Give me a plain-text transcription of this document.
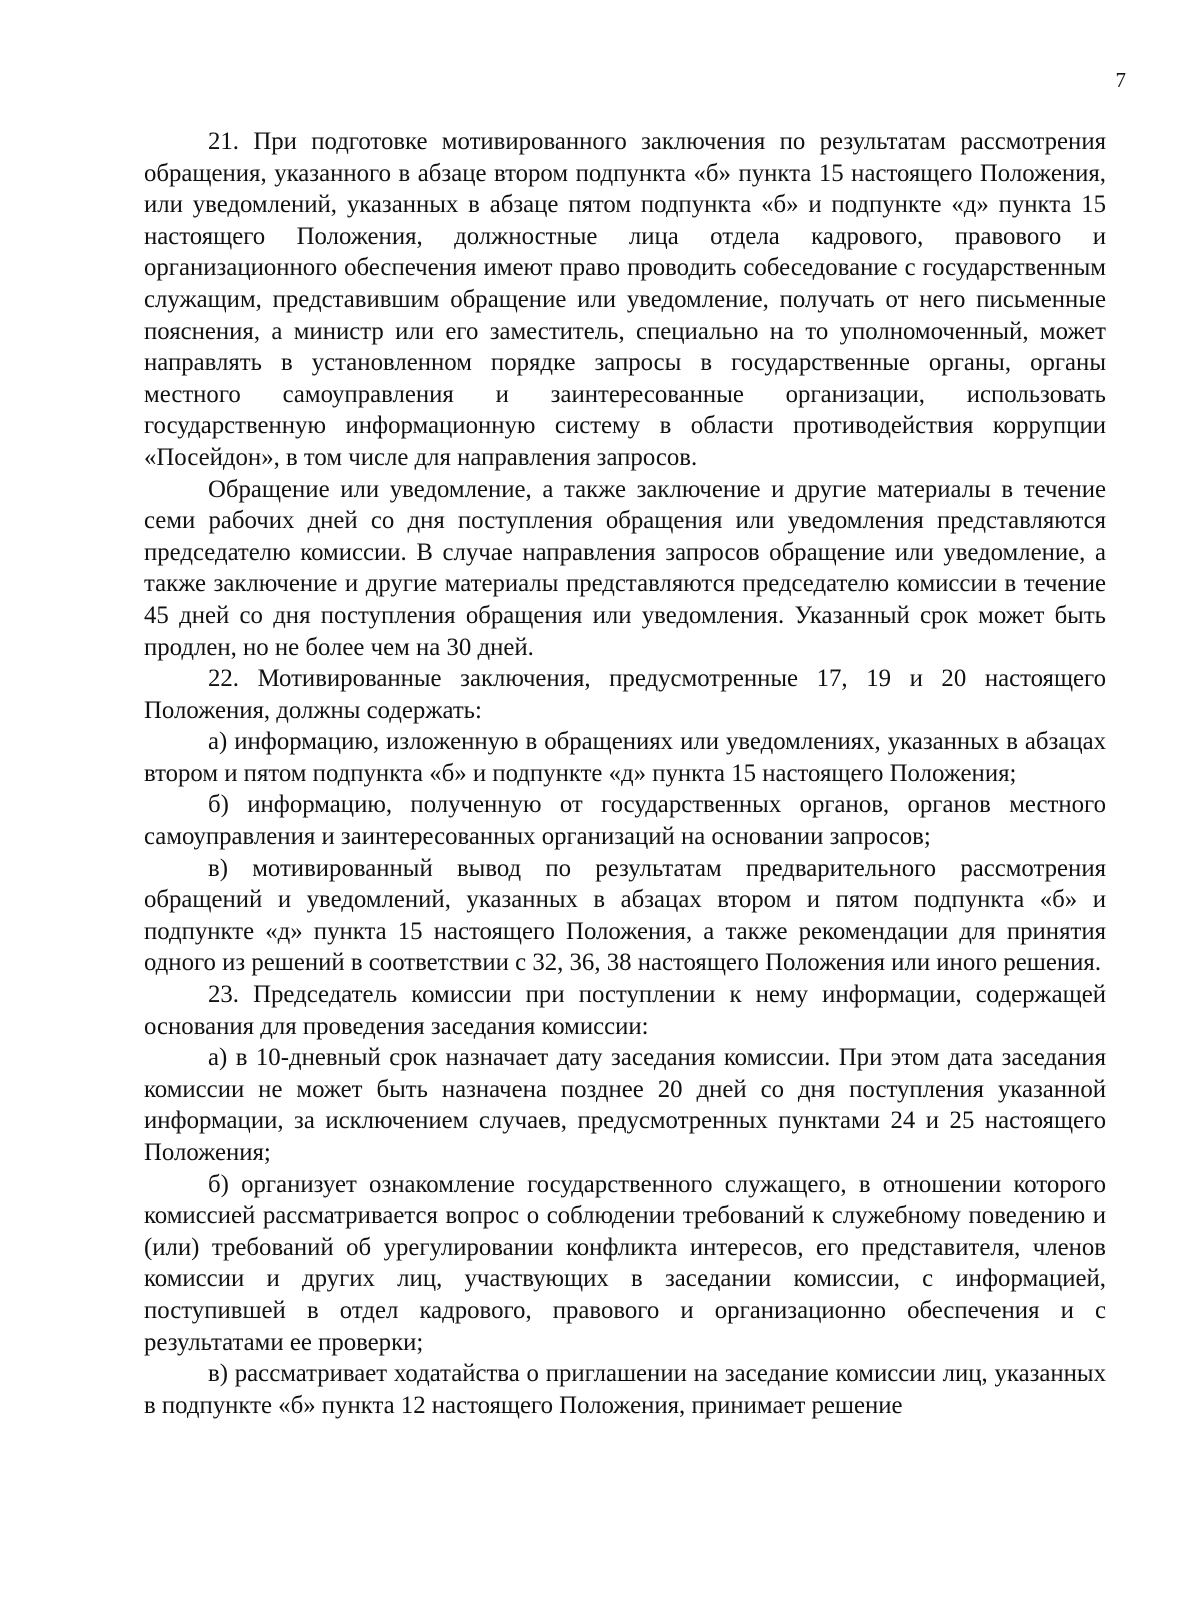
7

21. При подготовке мотивированного заключения по результатам рассмотрения обращения, указанного в абзаце втором подпункта «б» пункта 15 настоящего Положения, или уведомлений, указанных в абзаце пятом подпункта «б» и подпункте «д» пункта 15 настоящего Положения, должностные лица отдела кадрового, правового и организационного обеспечения имеют право проводить собеседование с государственным служащим, представившим обращение или уведомление, получать от него письменные пояснения, а министр или его заместитель, специально на то уполномоченный, может направлять в установленном порядке запросы в государственные органы, органы местного самоуправления и заинтересованные организации, использовать государственную информационную систему в области противодействия коррупции «Посейдон», в том числе для направления запросов.

Обращение или уведомление, а также заключение и другие материалы в течение семи рабочих дней со дня поступления обращения или уведомления представляются председателю комиссии. В случае направления запросов обращение или уведомление, а также заключение и другие материалы представляются председателю комиссии в течение 45 дней со дня поступления обращения или уведомления. Указанный срок может быть продлен, но не более чем на 30 дней.

22. Мотивированные заключения, предусмотренные 17, 19 и 20 настоящего Положения, должны содержать:

а) информацию, изложенную в обращениях или уведомлениях, указанных в абзацах втором и пятом подпункта «б» и подпункте «д» пункта 15 настоящего Положения;

б) информацию, полученную от государственных органов, органов местного самоуправления и заинтересованных организаций на основании запросов;

в) мотивированный вывод по результатам предварительного рассмотрения обращений и уведомлений, указанных в абзацах втором и пятом подпункта «б» и подпункте «д» пункта 15 настоящего Положения, а также рекомендации для принятия одного из решений в соответствии с 32, 36, 38 настоящего Положения или иного решения.

23. Председатель комиссии при поступлении к нему информации, содержащей основания для проведения заседания комиссии:

а) в 10-дневный срок назначает дату заседания комиссии. При этом дата заседания комиссии не может быть назначена позднее 20 дней со дня поступления указанной информации, за исключением случаев, предусмотренных пунктами 24 и 25 настоящего Положения;

б) организует ознакомление государственного служащего, в отношении которого комиссией рассматривается вопрос о соблюдении требований к служебному поведению и (или) требований об урегулировании конфликта интересов, его представителя, членов комиссии и других лиц, участвующих в заседании комиссии, с информацией, поступившей в отдел кадрового, правового и организационно обеспечения и с результатами ее проверки;

в) рассматривает ходатайства о приглашении на заседание комиссии лиц, указанных в подпункте «б» пункта 12 настоящего Положения, принимает решение
